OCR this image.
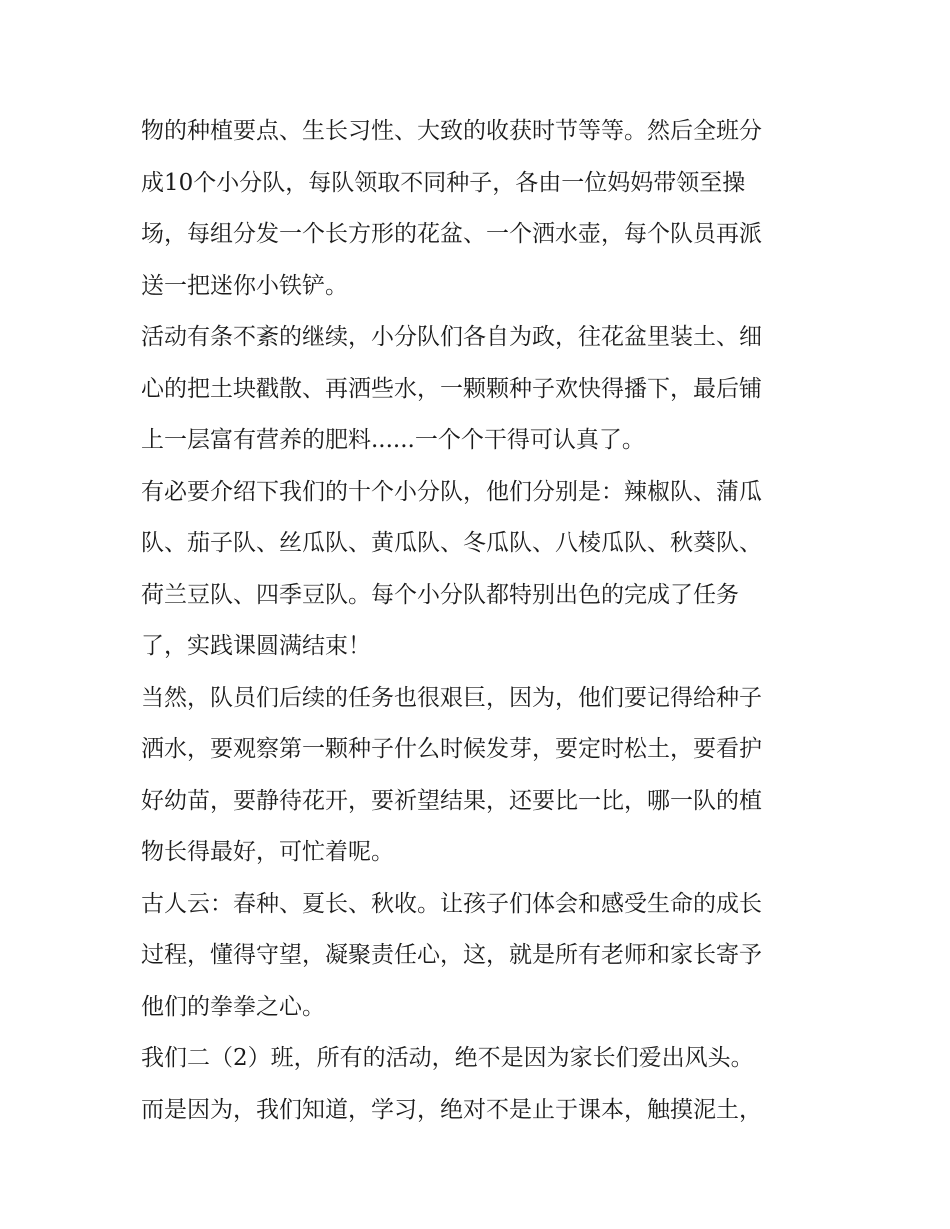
物的种植要点、生长习性、大致的收获时节等等。然后全班分
成10个小分队，每队领取不同种子，各由一位妈妈带领至操
场，每组分发一个长方形的花盆、一个洒水壶，每个队员再派
送一把迷你小铁铲。
活动有条不紊的继续，小分队们各自为政，往花盆里装土、细
心的把土块戳散、再洒些水，一颗颗种子欢快得播下，最后铺
上一层富有营养的肥料......一个个干得可认真了。
有必要介绍下我们的十个小分队，他们分别是：辣椒队、蒲瓜
队、茄子队、丝瓜队、黄瓜队、冬瓜队、八棱瓜队、秋葵队、
荷兰豆队、四季豆队。每个小分队都特别出色的完成了任务
了，实践课圆满结束！
当然，队员们后续的任务也很艰巨，因为，他们要记得给种子
洒水，要观察第一颗种子什么时候发芽，要定时松土，要看护
好幼苗，要静待花开，要祈望结果，还要比一比，哪一队的植
物长得最好，可忙着呢。
古人云：春种、夏长、秋收。让孩子们体会和感受生命的成长
过程，懂得守望，凝聚责任心，这，就是所有老师和家长寄予
他们的拳拳之心。
我们二（2）班，所有的活动，绝不是因为家长们爱出风头。
而是因为，我们知道，学习，绝对不是止于课本，触摸泥土，
